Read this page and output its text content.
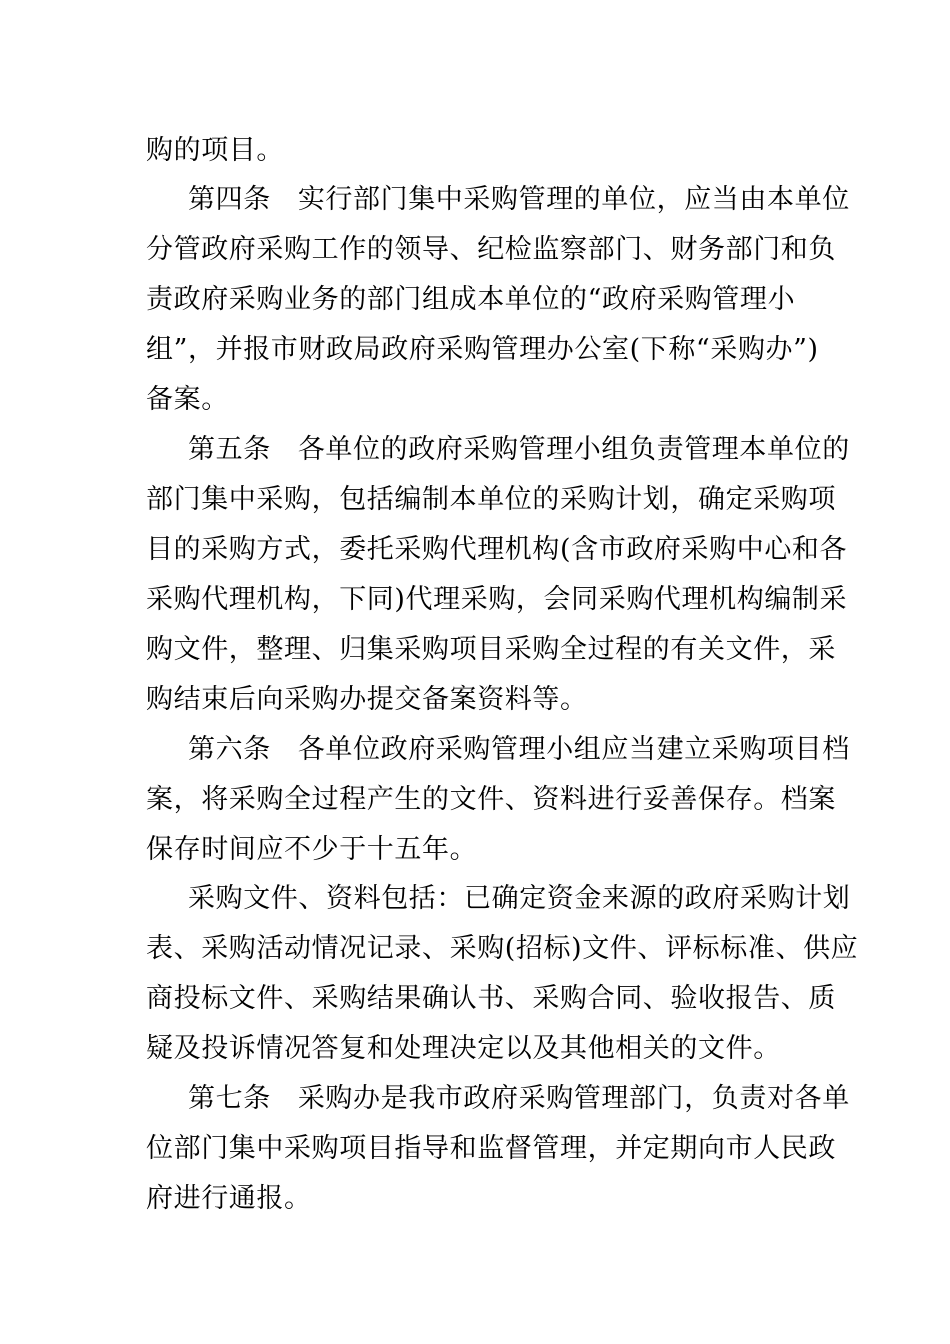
购的项目。
第四条 实行部门集中采购管理的单位，应当由本单位
分管政府采购工作的领导、纪检监察部门、财务部门和负
责政府采购业务的部门组成本单位的“政府采购管理小
组”，并报市财政局政府采购管理办公室(下称“采购办”)
备案。
第五条 各单位的政府采购管理小组负责管理本单位的
部门集中采购，包括编制本单位的采购计划，确定采购项
目的采购方式，委托采购代理机构(含市政府采购中心和各
采购代理机构，下同)代理采购，会同采购代理机构编制采
购文件，整理、归集采购项目采购全过程的有关文件，采
购结束后向采购办提交备案资料等。
第六条 各单位政府采购管理小组应当建立采购项目档
案，将采购全过程产生的文件、资料进行妥善保存。档案
保存时间应不少于十五年。
采购文件、资料包括：已确定资金来源的政府采购计划
表、采购活动情况记录、采购(招标)文件、评标标准、供应
商投标文件、采购结果确认书、采购合同、验收报告、质
疑及投诉情况答复和处理决定以及其他相关的文件。
第七条 采购办是我市政府采购管理部门，负责对各单
位部门集中采购项目指导和监督管理，并定期向市人民政
府进行通报。
